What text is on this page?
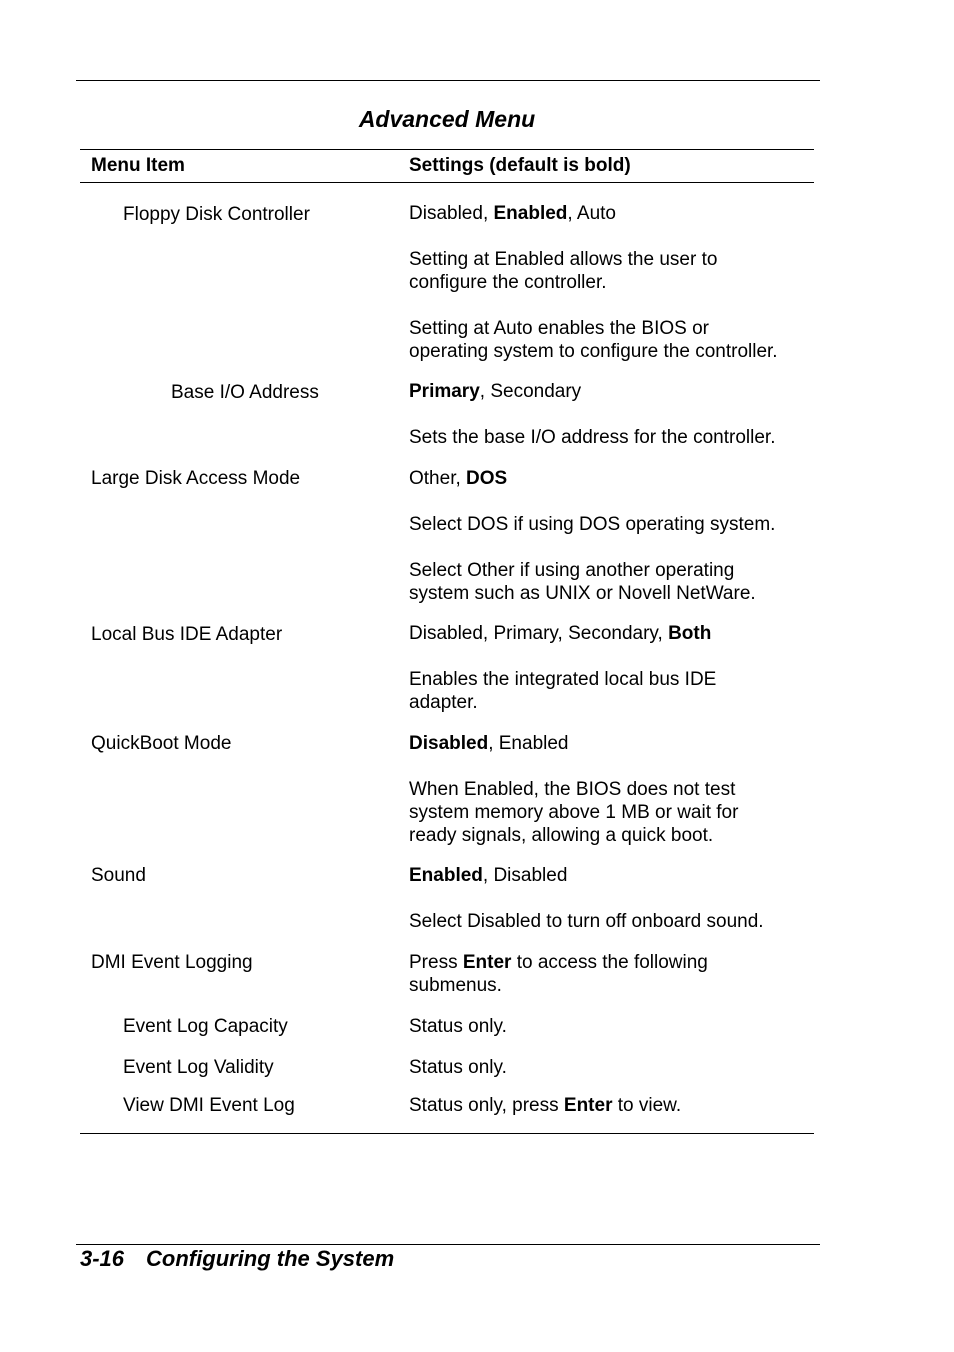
Advanced Menu
Menu Item	Settings (default is bold)
Floppy Disk Controller	Disabled, Enabled, Auto
Setting at Enabled allows the user to
configure the controller.
Setting at Auto enables the BIOS or
operating system to configure the controller.
Base I/O Address	Primary, Secondary
Sets the base I/O address for the controller.
Large Disk Access Mode	Other, DOS
Select DOS if using DOS operating system.
Select Other if using another operating
system such as UNIX or Novell NetWare.
Local Bus IDE Adapter	Disabled, Primary, Secondary, Both
Enables the integrated local bus IDE
adapter.
QuickBoot Mode	Disabled, Enabled
When Enabled, the BIOS does not test
system memory above 1 MB or wait for
ready signals, allowing a quick boot.
Sound	Enabled, Disabled
Select Disabled to turn off onboard sound.
DMI Event Logging	Press Enter to access the following
submenus.
Event Log Capacity	Status only.
Event Log Validity	Status only.
View DMI Event Log	Status only, press Enter to view.
3-16 Configuring the System
